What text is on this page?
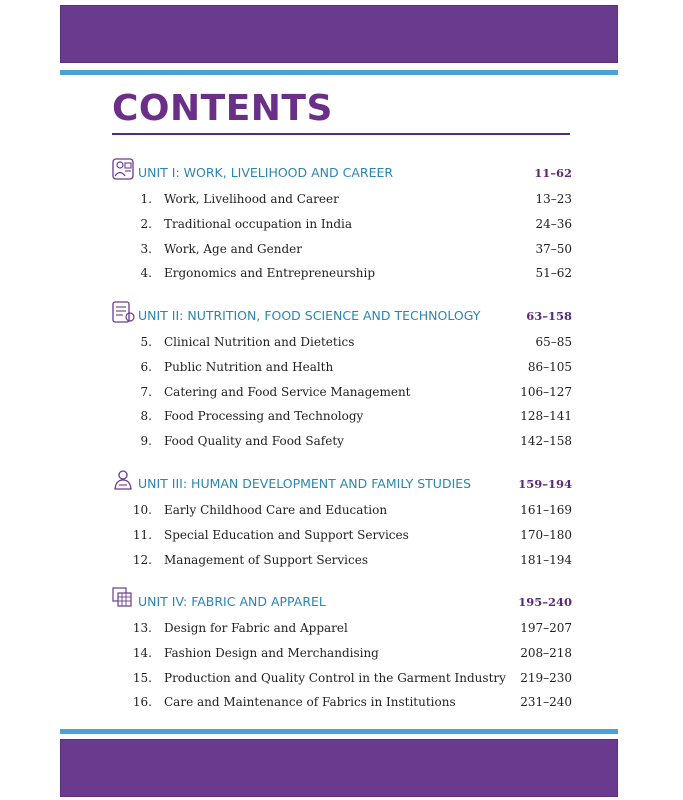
CONTENTS
UNIT I: WORK, LIVELIHOOD AND CAREER	11–62
1. Work, Livelihood and Career	13–23
2. Traditional occupation in India	24–36
3. Work, Age and Gender	37–50
4. Ergonomics and Entrepreneurship	51–62
UNIT II: NUTRITION, FOOD SCIENCE AND TECHNOLOGY	63–158
5. Clinical Nutrition and Dietetics	65–85
6. Public Nutrition and Health	86–105
7. Catering and Food Service Management	106–127
8. Food Processing and Technology	128–141
9. Food Quality and Food Safety	142–158
UNIT III: HUMAN DEVELOPMENT AND FAMILY STUDIES	159–194
10. Early Childhood Care and Education	161–169
11. Special Education and Support Services	170–180
12. Management of Support Services	181–194
UNIT IV: FABRIC AND APPAREL	195–240
13. Design for Fabric and Apparel	197–207
14. Fashion Design and Merchandising	208–218
15. Production and Quality Control in the Garment Industry 219–230
16. Care and Maintenance of Fabrics in Institutions	231–240
